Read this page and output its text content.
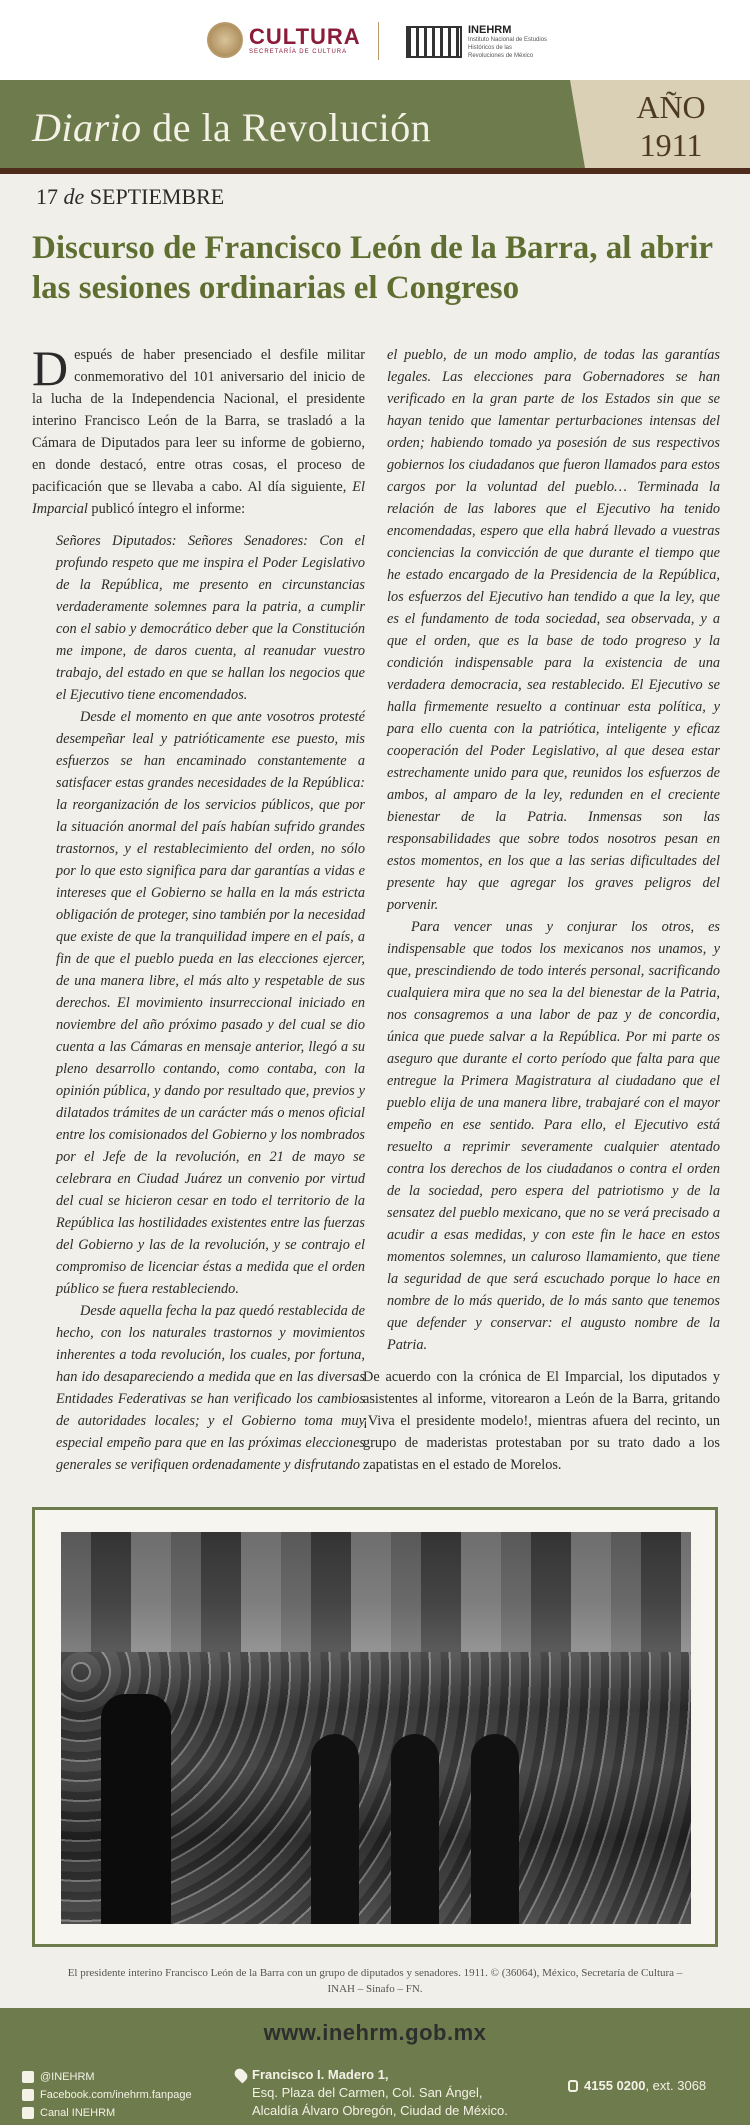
CULTURA
SECRETARÍA DE CULTURA
INEHRM
Instituto Nacional de Estudios Históricos de las Revoluciones de México
Diario de la Revolución	AÑO
1911
17 de SEPTIEMBRE
Discurso de Francisco León de la Barra, al abrir las sesiones ordinarias el Congreso

Después de haber presenciado el desfile militar conmemorativo del 101 aniversario del inicio de la lucha de la Independencia Nacional, el presidente interino Francisco León de la Barra, se trasladó a la Cámara de Diputados para leer su informe de gobierno, en donde destacó, entre otras cosas, el proceso de pacificación que se llevaba a cabo. Al día siguiente, El Imparcial publicó íntegro el informe:

Señores Diputados: Señores Senadores: Con el profundo respeto que me inspira el Poder Legislativo de la República, me presento en circunstancias verdaderamente solemnes para la patria, a cumplir con el sabio y democrático deber que la Constitución me impone, de daros cuenta, al reanudar vuestro trabajo, del estado en que se hallan los negocios que el Ejecutivo tiene encomendados.

Desde el momento en que ante vosotros protesté desempeñar leal y patrióticamente ese puesto, mis esfuerzos se han encaminado constantemente a satisfacer estas grandes necesidades de la República: la reorganización de los servicios públicos, que por la situación anormal del país habían sufrido grandes trastornos, y el restablecimiento del orden, no sólo por lo que esto significa para dar garantías a vidas e intereses que el Gobierno se halla en la más estricta obligación de proteger, sino también por la necesidad que existe de que la tranquilidad impere en el país, a fin de que el pueblo pueda en las elecciones ejercer, de una manera libre, el más alto y respetable de sus derechos. El movimiento insurreccional iniciado en noviembre del año próximo pasado y del cual se dio cuenta a las Cámaras en mensaje anterior, llegó a su pleno desarrollo contando, como contaba, con la opinión pública, y dando por resultado que, previos y dilatados trámites de un carácter más o menos oficial entre los comisionados del Gobierno y los nombrados por el Jefe de la revolución, en 21 de mayo se celebrara en Ciudad Juárez un convenio por virtud del cual se hicieron cesar en todo el territorio de la República las hostilidades existentes entre las fuerzas del Gobierno y las de la revolución, y se contrajo el compromiso de licenciar éstas a medida que el orden público se fuera restableciendo.

Desde aquella fecha la paz quedó restablecida de hecho, con los naturales trastornos y movimientos inherentes a toda revolución, los cuales, por fortuna, han ido desapareciendo a medida que en las diversas Entidades Federativas se han verificado los cambios de autoridades locales; y el Gobierno toma muy especial empeño para que en las próximas elecciones generales se verifiquen ordenadamente y disfrutando

el pueblo, de un modo amplio, de todas las garantías legales. Las elecciones para Gobernadores se han verificado en la gran parte de los Estados sin que se hayan tenido que lamentar perturbaciones intensas del orden; habiendo tomado ya posesión de sus respectivos gobiernos los ciudadanos que fueron llamados para estos cargos por la voluntad del pueblo… Terminada la relación de las labores que el Ejecutivo ha tenido encomendadas, espero que ella habrá llevado a vuestras conciencias la convicción de que durante el tiempo que he estado encargado de la Presidencia de la República, los esfuerzos del Ejecutivo han tendido a que la ley, que es el fundamento de toda sociedad, sea observada, y a que el orden, que es la base de todo progreso y la condición indispensable para la existencia de una verdadera democracia, sea restablecido. El Ejecutivo se halla firmemente resuelto a continuar esta política, y para ello cuenta con la patriótica, inteligente y eficaz cooperación del Poder Legislativo, al que desea estar estrechamente unido para que, reunidos los esfuerzos de ambos, al amparo de la ley, redunden en el creciente bienestar de la Patria. Inmensas son las responsabilidades que sobre todos nosotros pesan en estos momentos, en los que a las serias dificultades del presente hay que agregar los graves peligros del porvenir.

Para vencer unas y conjurar los otros, es indispensable que todos los mexicanos nos unamos, y que, prescindiendo de todo interés personal, sacrificando cualquiera mira que no sea la del bienestar de la Patria, nos consagremos a una labor de paz y de concordia, única que puede salvar a la República. Por mi parte os aseguro que durante el corto período que falta para que entregue la Primera Magistratura al ciudadano que el pueblo elija de una manera libre, trabajaré con el mayor empeño en ese sentido. Para ello, el Ejecutivo está resuelto a reprimir severamente cualquier atentado contra los derechos de los ciudadanos o contra el orden de la sociedad, pero espera del patriotismo y de la sensatez del pueblo mexicano, que no se verá precisado a acudir a esas medidas, y con este fin le hace en estos momentos solemnes, un caluroso llamamiento, que tiene la seguridad de que será escuchado porque lo hace en nombre de lo más querido, de lo más santo que tenemos que defender y conservar: el augusto nombre de la Patria.

De acuerdo con la crónica de El Imparcial, los diputados y asistentes al informe, vitorearon a León de la Barra, gritando ¡Viva el presidente modelo!, mientras afuera del recinto, un grupo de maderistas protestaban por su trato dado a los zapatistas en el estado de Morelos.

El presidente interino Francisco León de la Barra con un grupo de diputados y senadores. 1911. © (36064), México, Secretaría de Cultura – INAH – Sinafo – FN.
www.inehrm.gob.mx
@INEHRM
Facebook.com/inehrm.fanpage
Canal INEHRM
Francisco I. Madero 1,
Esq. Plaza del Carmen, Col. San Ángel,
Alcaldía Álvaro Obregón, Ciudad de México.
4155 0200, ext. 3068
